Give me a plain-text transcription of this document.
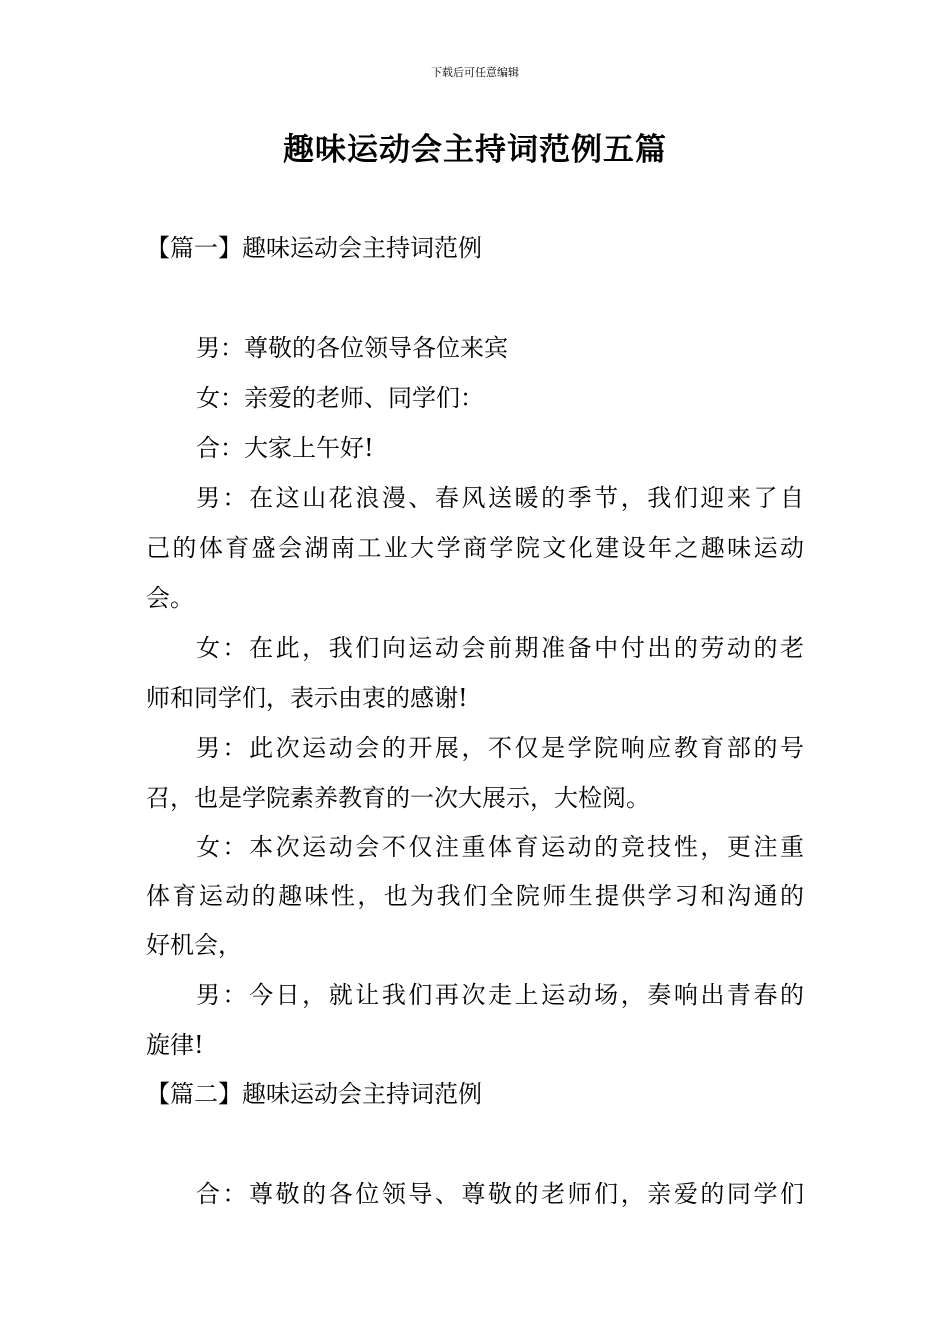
下载后可任意编辑
趣味运动会主持词范例五篇
【篇一】趣味运动会主持词范例
男：尊敬的各位领导各位来宾
女：亲爱的老师、同学们：
合：大家上午好!
男：在这山花浪漫、春风送暖的季节，我们迎来了自
己的体育盛会湖南工业大学商学院文化建设年之趣味运动
会。
女：在此，我们向运动会前期准备中付出的劳动的老
师和同学们，表示由衷的感谢!
男：此次运动会的开展，不仅是学院响应教育部的号
召，也是学院素养教育的一次大展示，大检阅。
女：本次运动会不仅注重体育运动的竞技性，更注重
体育运动的趣味性，也为我们全院师生提供学习和沟通的
好机会，
男：今日，就让我们再次走上运动场，奏响出青春的
旋律!
【篇二】趣味运动会主持词范例
合：尊敬的各位领导、尊敬的老师们，亲爱的同学们
